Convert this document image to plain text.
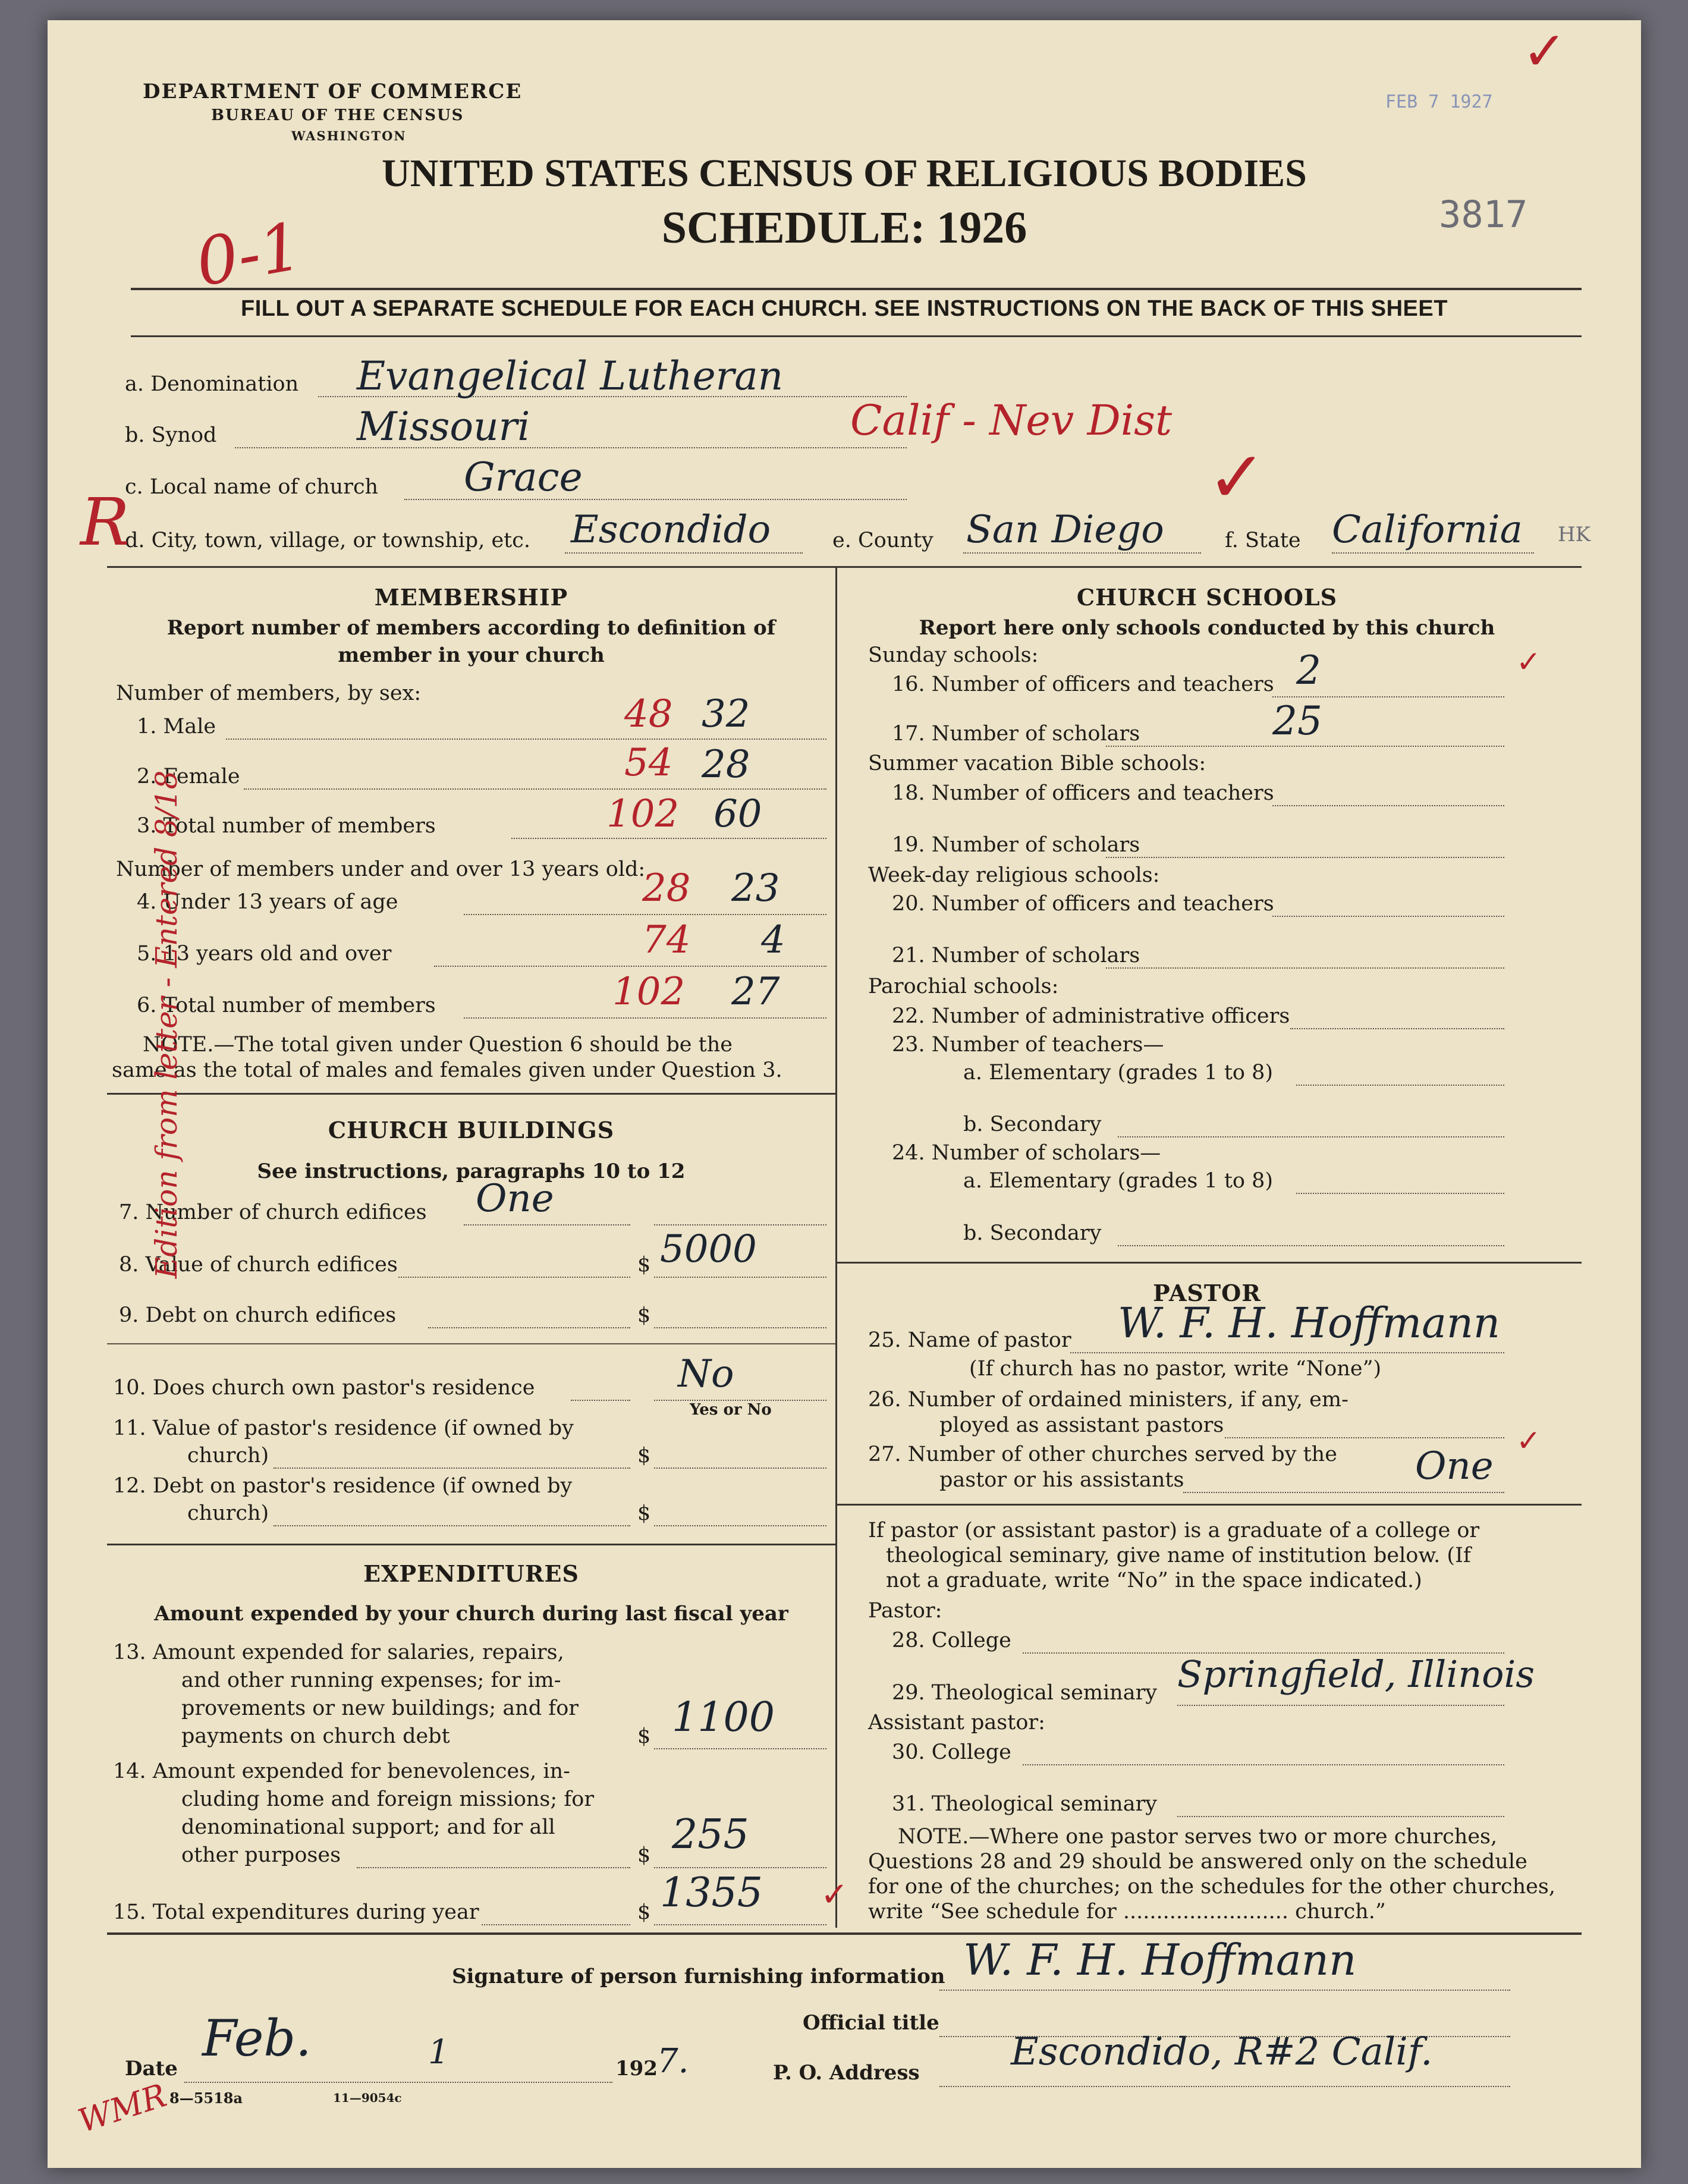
DEPARTMENT OF COMMERCE
BUREAU OF THE CENSUS
WASHINGTON
UNITED STATES CENSUS OF RELIGIOUS BODIES
SCHEDULE: 1926
FEB 7 1927
3817
✓
0-1
FILL OUT A SEPARATE SCHEDULE FOR EACH CHURCH. SEE INSTRUCTIONS ON THE BACK OF THIS SHEET
a. Denomination Evangelical Lutheran
b. Synod	Missouri	Calif - Nev Dist
c. Local name of church Grace
d. City, town, village, or township, etc. Escondido	e. County San Diego	f. State California HK
MEMBERSHIP
Report number of members according to definition of
member in your church
Number of members, by sex:
1. Male	48 32
2. Female	54 28
3. Total number of members	102 60
Number of members under and over 13 years old:
4. Under 13 years of age	28 23
5. 13 years old and over	74 4
6. Total number of members	102 27
NOTE.—The total given under Question 6 should be the
same as the total of males and females given under Question 3.
CHURCH BUILDINGS
See instructions, paragraphs 10 to 12
7. Number of church edifices One
8. Value of church edifices	$ 5000
9. Debt on church edifices	$
10. Does church own pastor's residence	No
Yes or No
11. Value of pastor's residence (if owned by
church)	$
12. Debt on pastor's residence (if owned by
church)	$
EXPENDITURES
Amount expended by your church during last fiscal year
13. Amount expended for salaries, repairs,
and other running expenses; for im-
provements or new buildings; and for
payments on church debt	$ 1100
14. Amount expended for benevolences, in-
cluding home and foreign missions; for
denominational support; and for all
other purposes	$ 255
15. Total expenditures during year	$ 1355 ✓
CHURCH SCHOOLS
Report here only schools conducted by this church
Sunday schools:
16. Number of officers and teachers 2	✓
17. Number of scholars	25
Summer vacation Bible schools:
18. Number of officers and teachers
19. Number of scholars
Week-day religious schools:
20. Number of officers and teachers
21. Number of scholars
Parochial schools:
22. Number of administrative officers
23. Number of teachers—
a. Elementary (grades 1 to 8)
b. Secondary
24. Number of scholars—
a. Elementary (grades 1 to 8)
b. Secondary
PASTOR
25. Name of pastor W. F. H. Hoffmann
(If church has no pastor, write “None”)
26. Number of ordained ministers, if any, em-
ployed as assistant pastors
27. Number of other churches served by the
pastor or his assistants	One
✓
If pastor (or assistant pastor) is a graduate of a college or
theological seminary, give name of institution below. (If
not a graduate, write “No” in the space indicated.)
Pastor:
28. College
29. Theological seminary Springfield, Illinois
Assistant pastor:
30. College
31. Theological seminary
NOTE.—Where one pastor serves two or more churches,
Questions 28 and 29 should be answered only on the schedule
for one of the churches; on the schedules for the other churches,
write “See schedule for ......................... church.”
Signature of person furnishing information W. F. H. Hoffmann
Official title
Date
Feb.	1	192 7.	P. O. Address Escondido, R#2 Calif.
8—5518a	11—9054c
WMR
Edition from letter - Entered 8/18
R
✓
